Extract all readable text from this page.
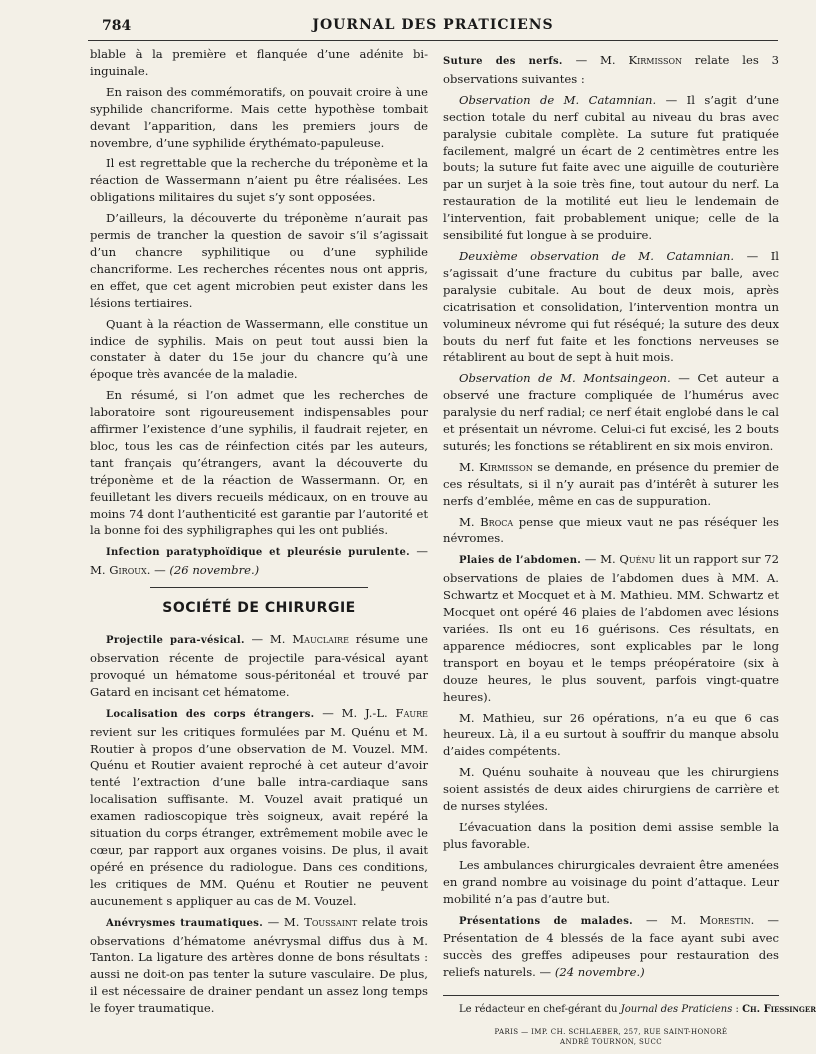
784	JOURNAL DES PRATICIENS

blable à la première et flanquée d’une adénite bi-inguinale.

En raison des commémoratifs, on pouvait croire à une syphilide chancriforme. Mais cette hypothèse tombait devant l’apparition, dans les premiers jours de novembre, d’une syphilide érythémato-papuleuse.

Il est regrettable que la recherche du tréponème et la réaction de Wassermann n’aient pu être réalisées. Les obligations militaires du sujet s’y sont opposées.

D’ailleurs, la découverte du tréponème n’aurait pas permis de trancher la question de savoir s’il s’agissait d’un chancre syphilitique ou d’une syphilide chancriforme. Les recherches récentes nous ont appris, en effet, que cet agent microbien peut exister dans les lésions tertiaires.

Quant à la réaction de Wassermann, elle constitue un indice de syphilis. Mais on peut tout aussi bien la constater à dater du 15e jour du chancre qu’à une époque très avancée de la maladie.

En résumé, si l’on admet que les recherches de laboratoire sont rigoureusement indispensables pour affirmer l’existence d’une syphilis, il faudrait rejeter, en bloc, tous les cas de réinfection cités par les auteurs, tant français qu’étrangers, avant la découverte du tréponème et de la réaction de Wassermann. Or, en feuilletant les divers recueils médicaux, on en trouve au moins 74 dont l’authenticité est garantie par l’autorité et la bonne foi des syphiligraphes qui les ont publiés.

Infection paratyphoïdique et pleurésie purulente. — M. Giroux. — (26 novembre.)

SOCIÉTÉ DE CHIRURGIE

Projectile para-vésical. — M. Mauclaire résume une observation récente de projectile para-vésical ayant provoqué un hématome sous-péritonéal et trouvé par Gatard en incisant cet hématome.

Localisation des corps étrangers. — M. J.-L. Faure revient sur les critiques formulées par M. Quénu et M. Routier à propos d’une observation de M. Vouzel. MM. Quénu et Routier avaient reproché à cet auteur d’avoir tenté l’extraction d’une balle intra-cardiaque sans localisation suffisante. M. Vouzel avait pratiqué un examen radioscopique très soigneux, avait repéré la situation du corps étranger, extrêmement mobile avec le cœur, par rapport aux organes voisins. De plus, il avait opéré en présence du radiologue. Dans ces conditions, les critiques de MM. Quénu et Routier ne peuvent aucunement s appliquer au cas de M. Vouzel.

Anévrysmes traumatiques. — M. Toussaint relate trois observations d’hématome anévrysmal diffus dus à M. Tanton. La ligature des artères donne de bons résultats : aussi ne doit-on pas tenter la suture vasculaire. De plus, il est nécessaire de drainer pendant un assez long temps le foyer traumatique.

Suture des nerfs. — M. Kirmisson relate les 3 observations suivantes :

Observation de M. Catamnian. — Il s’agit d’une section totale du nerf cubital au niveau du bras avec paralysie cubitale complète. La suture fut pratiquée facilement, malgré un écart de 2 centimètres entre les bouts; la suture fut faite avec une aiguille de couturière par un surjet à la soie très fine, tout autour du nerf. La restauration de la motilité eut lieu le lendemain de l’intervention, fait probablement unique; celle de la sensibilité fut longue à se produire.

Deuxième observation de M. Catamnian. — Il s’agissait d’une fracture du cubitus par balle, avec paralysie cubitale. Au bout de deux mois, après cicatrisation et consolidation, l’intervention montra un volumineux névrome qui fut réséqué; la suture des deux bouts du nerf fut faite et les fonctions nerveuses se rétablirent au bout de sept à huit mois.

Observation de M. Montsaingeon. — Cet auteur a observé une fracture compliquée de l’humérus avec paralysie du nerf radial; ce nerf était englobé dans le cal et présentait un névrome. Celui-ci fut excisé, les 2 bouts suturés; les fonctions se rétablirent en six mois environ.

M. Kirmisson se demande, en présence du premier de ces résultats, si il n’y aurait pas d’intérêt à suturer les nerfs d’emblée, même en cas de suppuration.

M. Broca pense que mieux vaut ne pas réséquer les névromes.

Plaies de l’abdomen. — M. Quénu lit un rapport sur 72 observations de plaies de l’abdomen dues à MM. A. Schwartz et Mocquet et à M. Mathieu. MM. Schwartz et Mocquet ont opéré 46 plaies de l’abdomen avec lésions variées. Ils ont eu 16 guérisons. Ces résultats, en apparence médiocres, sont explicables par le long transport en boyau et le temps préopératoire (six à douze heures, le plus souvent, parfois vingt-quatre heures).

M. Mathieu, sur 26 opérations, n’a eu que 6 cas heureux. Là, il a eu surtout à souffrir du manque absolu d’aides compétents.

M. Quénu souhaite à nouveau que les chirurgiens soient assistés de deux aides chirurgiens de carrière et de nurses stylées.

L’évacuation dans la position demi assise semble la plus favorable.

Les ambulances chirurgicales devraient être amenées en grand nombre au voisinage du point d’attaque. Leur mobilité n’a pas d’autre but.

Présentations de malades. — M. Morestin. — Présentation de 4 blessés de la face ayant subi avec succès des greffes adipeuses pour restauration des reliefs naturels. — (24 novembre.)

Le rédacteur en chef-gérant du Journal des Praticiens : Ch. Fiessinger

PARIS — IMP. CH. SCHLAEBER, 257, RUE SAINT-HONORÉ
ANDRÉ TOURNON, SUCC
